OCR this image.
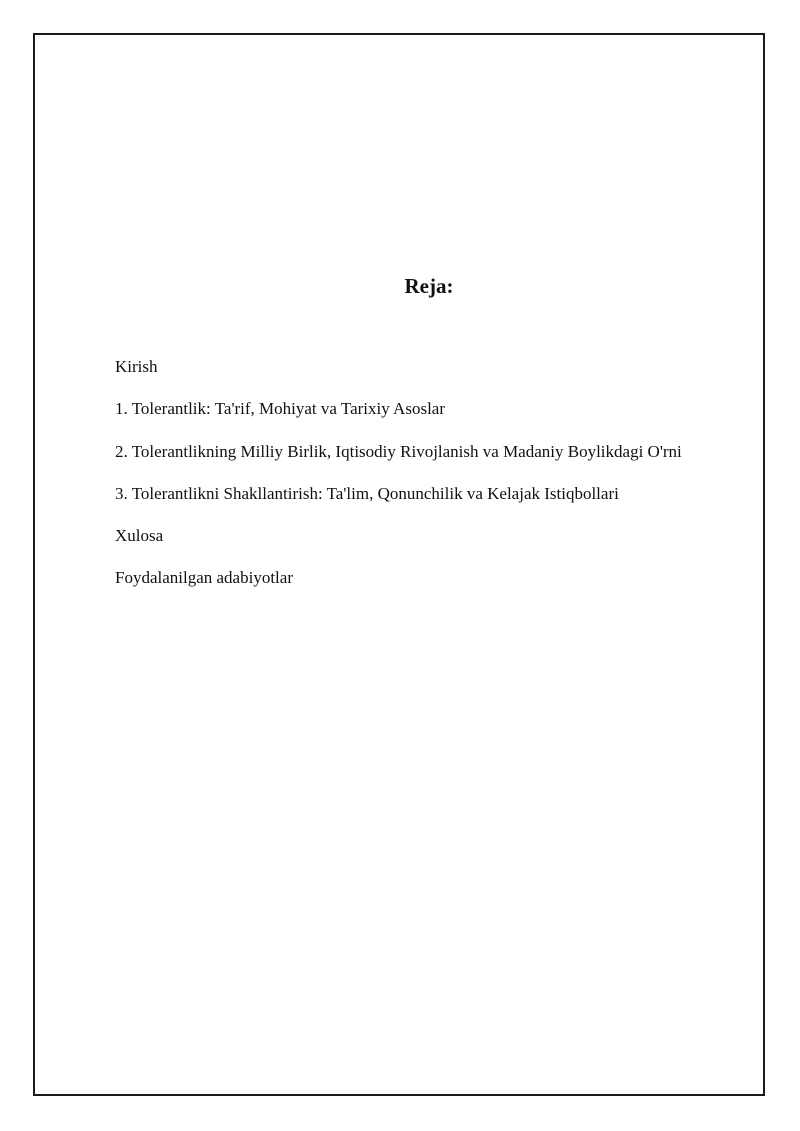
Reja:
Kirish
1. Tolerantlik: Ta'rif, Mohiyat va Tarixiy Asoslar
2. Tolerantlikning Milliy Birlik, Iqtisodiy Rivojlanish va Madaniy Boylikdagi O'rni
3. Tolerantlikni Shakllantirish: Ta'lim, Qonunchilik va Kelajak Istiqbollari
Xulosa
Foydalanilgan adabiyotlar
